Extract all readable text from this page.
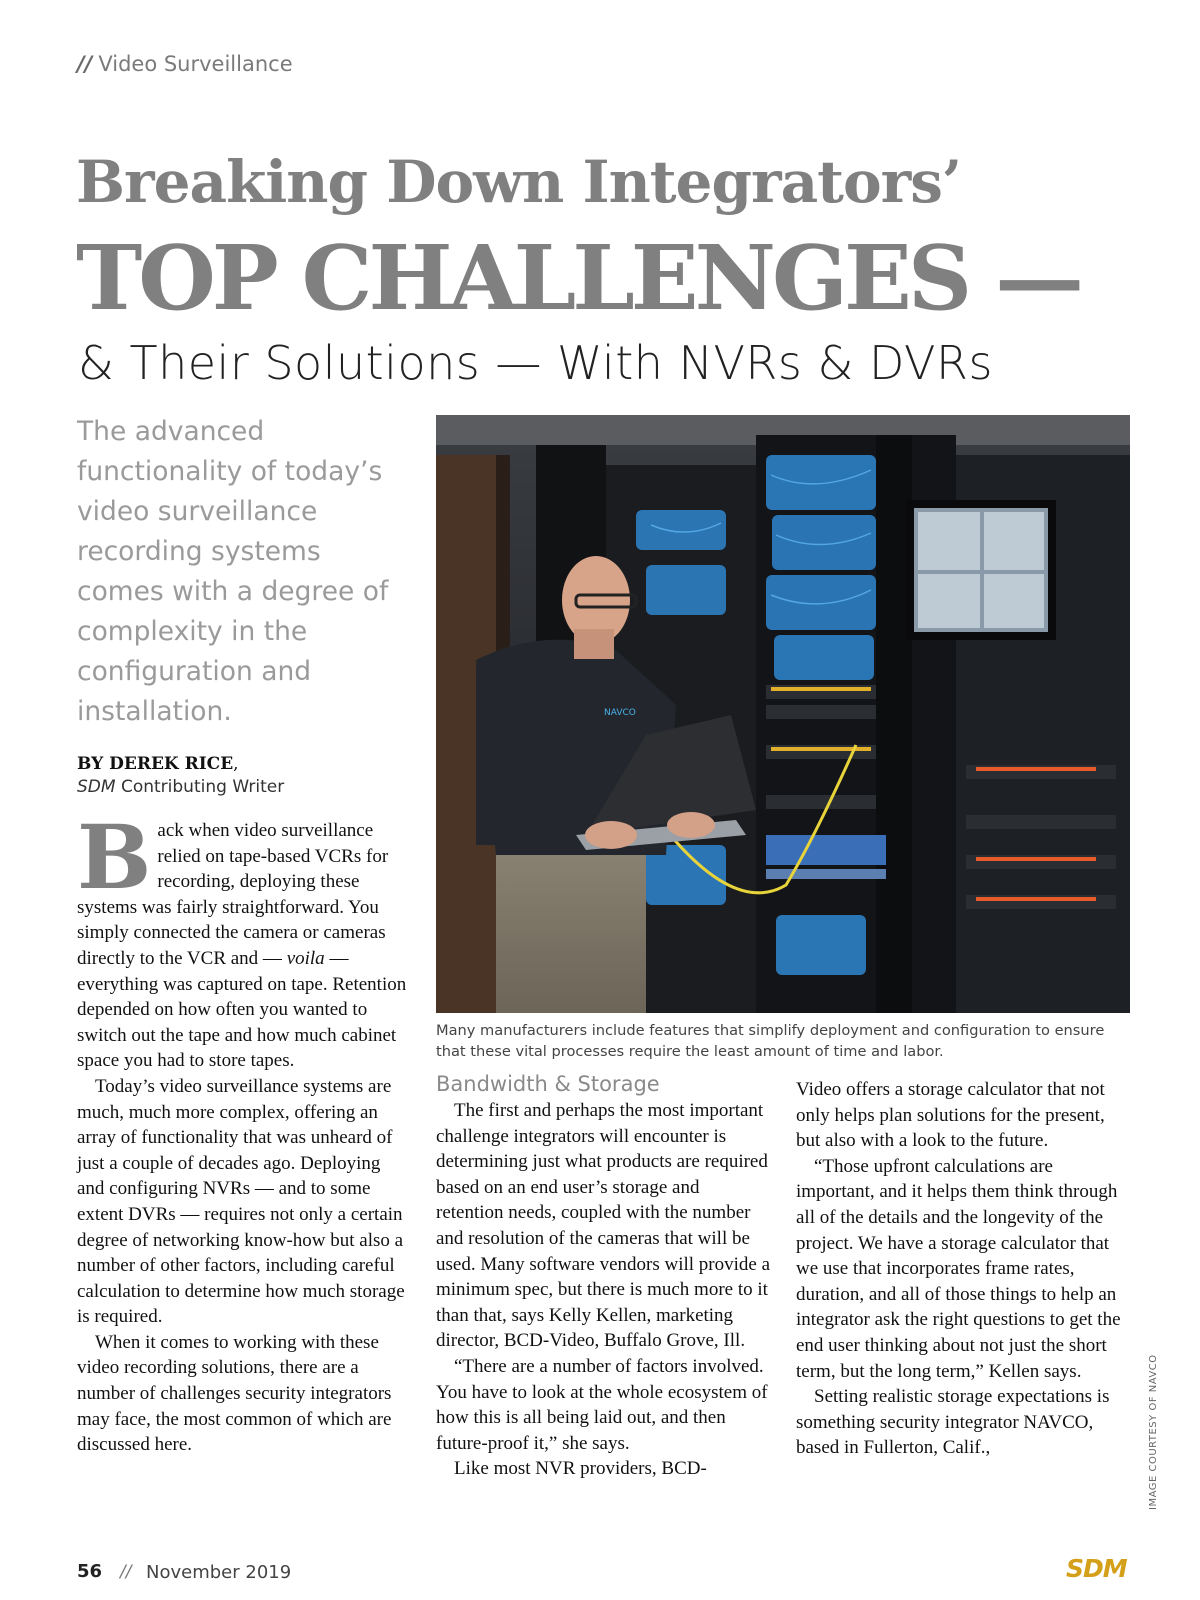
// Video Surveillance
Breaking Down Integrators’
TOP CHALLENGES —
& Their Solutions — With NVRs & DVRs
The advanced functionality of today’s video surveillance recording systems comes with a degree of complexity in the configuration and installation.
BY DEREK RICE,
SDM Contributing Writer
NAVCO
Many manufacturers include features that simplify deployment and configuration to ensure that these vital processes require the least amount of time and labor.
IMAGE COURTESY OF NAVCO

Back when video surveillance relied on tape-based VCRs for recording, deploying these systems was fairly straightforward. You simply connected the camera or cameras directly to the VCR and — voila — everything was captured on tape. Retention depended on how often you wanted to switch out the tape and how much cabinet space you had to store tapes.

Today’s video surveillance systems are much, much more complex, offering an array of functionality that was unheard of just a couple of decades ago. Deploying and configuring NVRs — and to some extent DVRs — requires not only a certain degree of networking know-how but also a number of other factors, including careful calculation to determine how much storage is required.

When it comes to working with these video recording solutions, there are a number of challenges security integrators may face, the most common of which are discussed here.

Bandwidth & Storage

The first and perhaps the most important challenge integrators will encounter is determining just what products are required based on an end user’s storage and retention needs, coupled with the number and resolution of the cameras that will be used. Many software vendors will provide a minimum spec, but there is much more to it than that, says Kelly Kellen, marketing director, BCD-Video, Buffalo Grove, Ill.

“There are a number of factors involved. You have to look at the whole ecosystem of how this is all being laid out, and then future-proof it,” she says.

Like most NVR providers, BCD-

Video offers a storage calculator that not only helps plan solutions for the present, but also with a look to the future.

“Those upfront calculations are important, and it helps them think through all of the details and the longevity of the project. We have a storage calculator that we use that incorporates frame rates, duration, and all of those things to help an integrator ask the right questions to get the end user thinking about not just the short term, but the long term,” Kellen says.

Setting realistic storage expectations is something security integrator NAVCO, based in Fullerton, Calif.,

56 // November 2019	SDM
